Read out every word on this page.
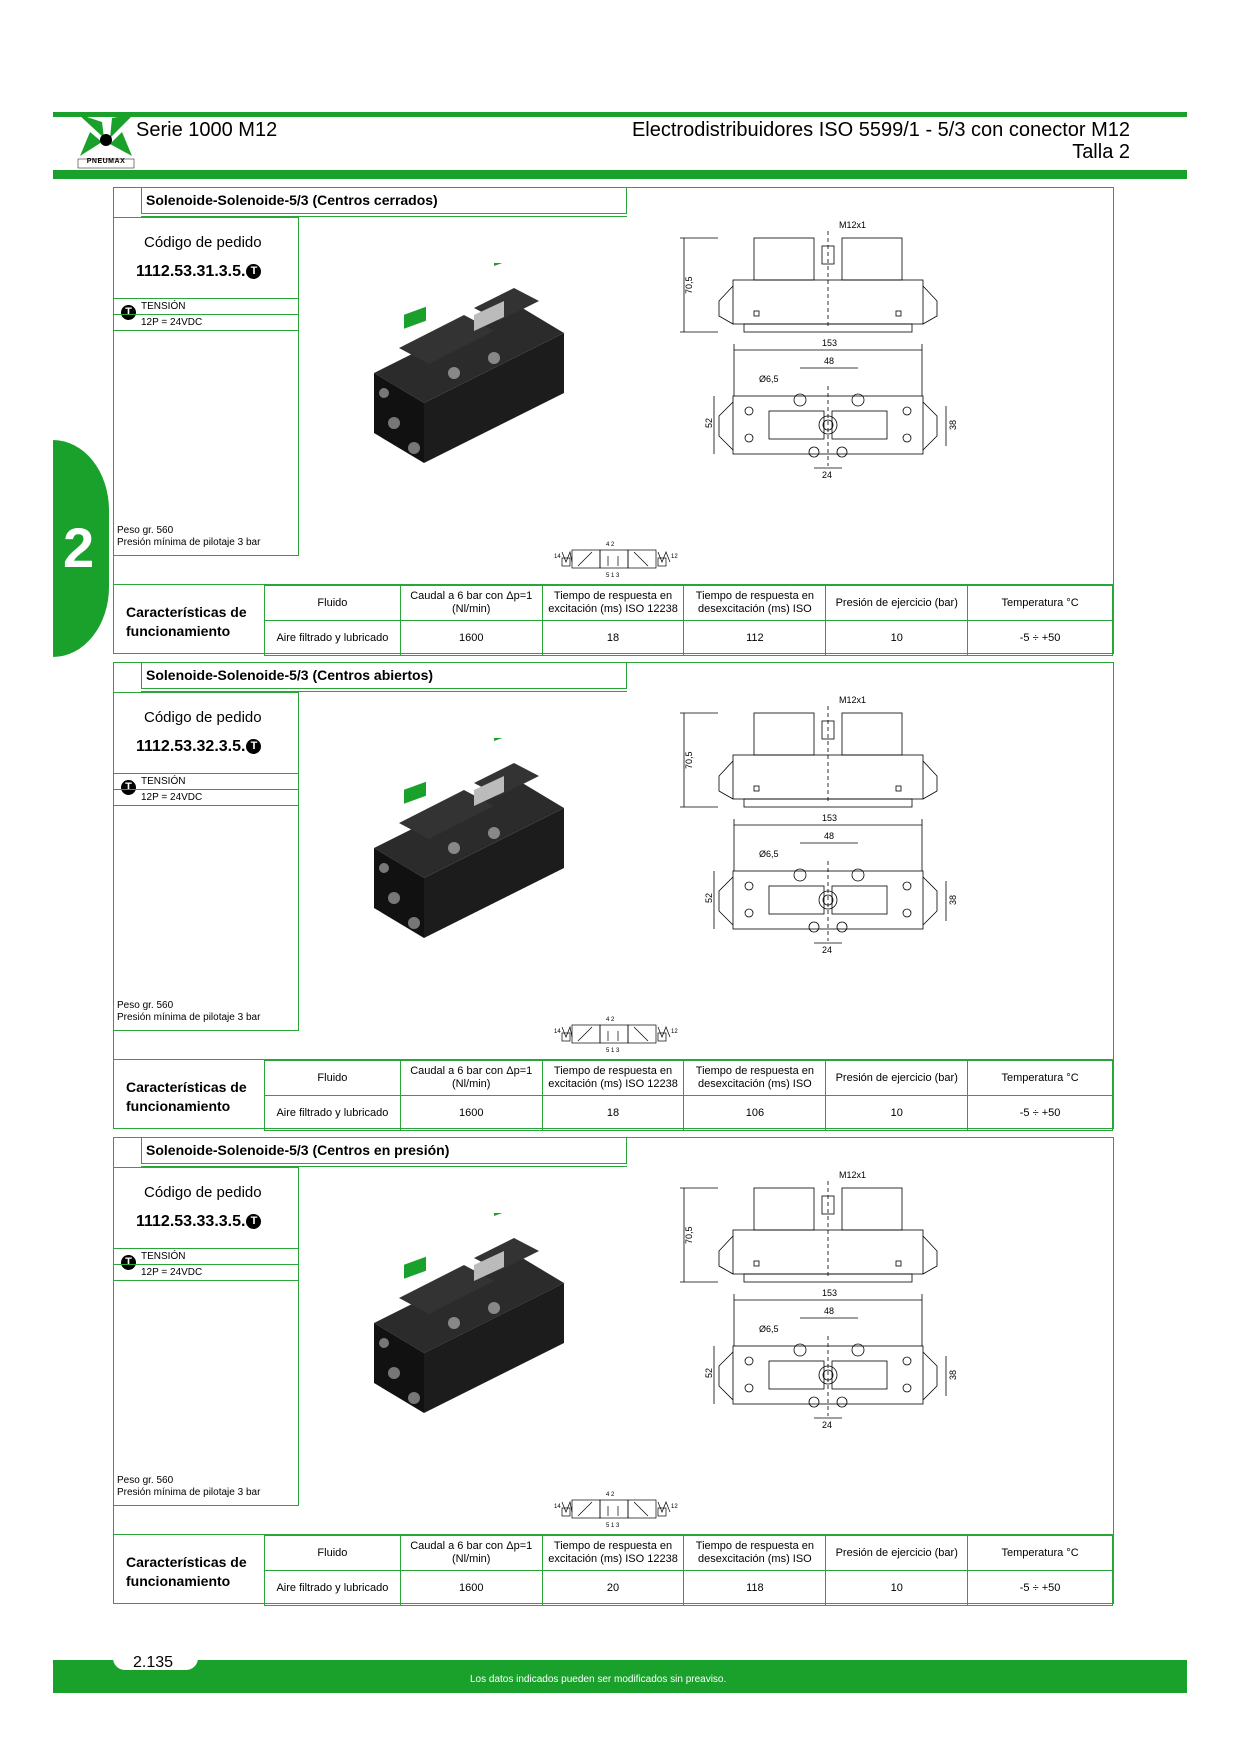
PNEUMAX
Serie 1000 M12	Electrodistribuidores ISO 5599/1 - 5/3 con conector M12
Talla 2
2
Solenoide-Solenoide-5/3 (Centros cerrados)
Código de pedido
1112.53.31.3.5. T
T TENSIÓN
12P = 24VDC
Peso gr. 560
Presión mínima de pilotaje 3 bar
M12x1
70,5
153
48
Ø6,5
52	38
24
14	12
4 2
5 1 3
Características de
funcionamiento
Fluido	Caudal a 6 bar con Δp=1 (Nl/min)	Tiempo de respuesta en excitación (ms) ISO 12238	Tiempo de respuesta en desexcitación (ms) ISO	Presión de ejercicio (bar)	Temperatura °C
Aire filtrado y lubricado	1600	18	112	10	-5 ÷ +50
Solenoide-Solenoide-5/3 (Centros abiertos)
Código de pedido
1112.53.32.3.5. T
T TENSIÓN
12P = 24VDC
Peso gr. 560
Presión mínima de pilotaje 3 bar
M12x1
70,5
153
48
Ø6,5
52	38
24
14	12
4 2
5 1 3
Características de
funcionamiento
Fluido	Caudal a 6 bar con Δp=1 (Nl/min)	Tiempo de respuesta en excitación (ms) ISO 12238	Tiempo de respuesta en desexcitación (ms) ISO	Presión de ejercicio (bar)	Temperatura °C
Aire filtrado y lubricado	1600	18	106	10	-5 ÷ +50
Solenoide-Solenoide-5/3 (Centros en presión)
Código de pedido
1112.53.33.3.5. T
T TENSIÓN
12P = 24VDC
Peso gr. 560
Presión mínima de pilotaje 3 bar
M12x1
70,5
153
48
Ø6,5
52	38
24
14	12
4 2
5 1 3
Características de
funcionamiento
Fluido	Caudal a 6 bar con Δp=1 (Nl/min)	Tiempo de respuesta en excitación (ms) ISO 12238	Tiempo de respuesta en desexcitación (ms) ISO	Presión de ejercicio (bar)	Temperatura °C
Aire filtrado y lubricado	1600	20	118	10	-5 ÷ +50
Los datos indicados pueden ser modificados sin preaviso.
2.135
